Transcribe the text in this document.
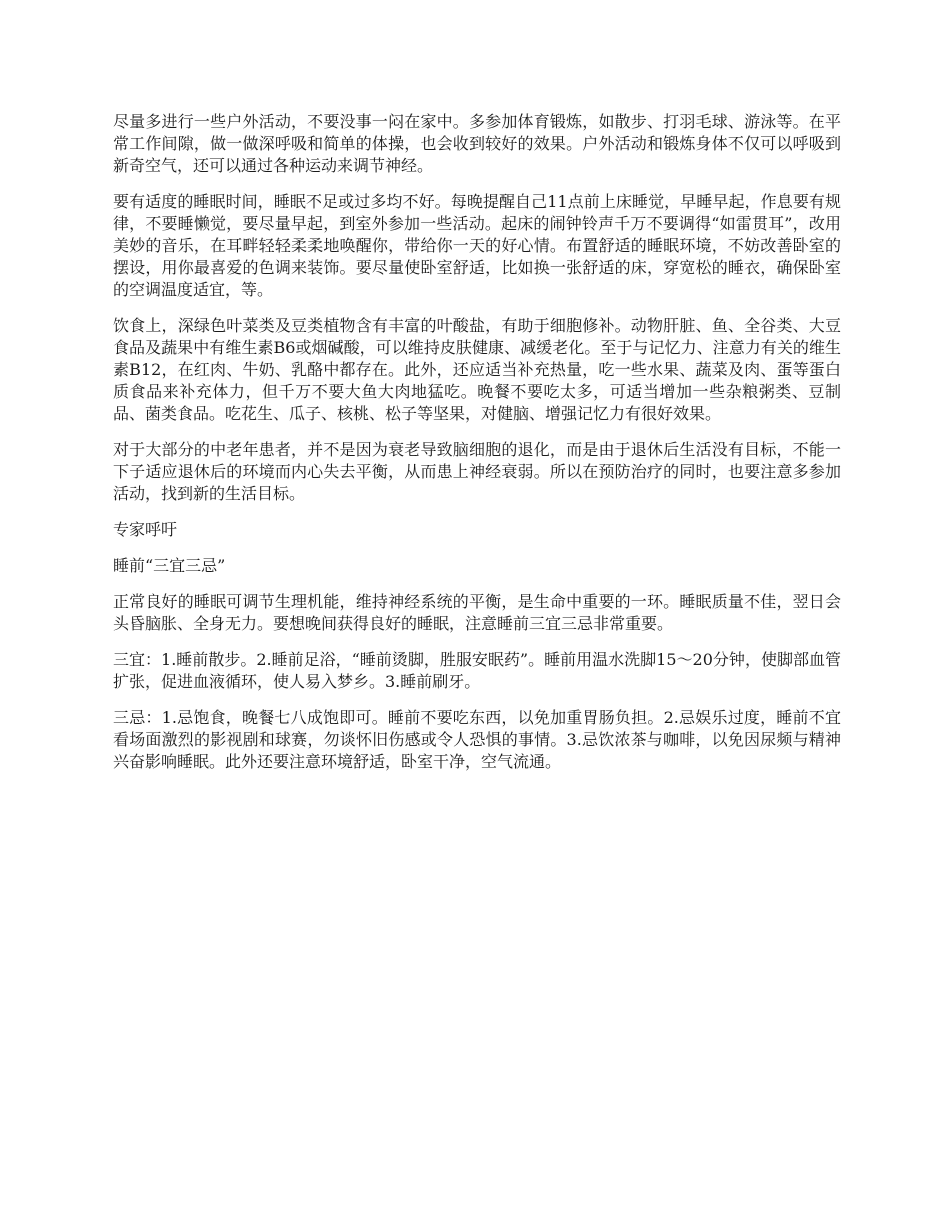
尽量多进行一些户外活动，不要没事一闷在家中。多参加体育锻炼，如散步、打羽毛球、游泳等。在平常工作间隙，做一做深呼吸和简单的体操，也会收到较好的效果。户外活动和锻炼身体不仅可以呼吸到新奇空气，还可以通过各种运动来调节神经。

要有适度的睡眠时间，睡眠不足或过多均不好。每晚提醒自己11点前上床睡觉，早睡早起，作息要有规律，不要睡懒觉，要尽量早起，到室外参加一些活动。起床的闹钟铃声千万不要调得“如雷贯耳”，改用美妙的音乐，在耳畔轻轻柔柔地唤醒你，带给你一天的好心情。布置舒适的睡眠环境，不妨改善卧室的摆设，用你最喜爱的色调来装饰。要尽量使卧室舒适，比如换一张舒适的床，穿宽松的睡衣，确保卧室的空调温度适宜，等。

饮食上，深绿色叶菜类及豆类植物含有丰富的叶酸盐，有助于细胞修补。动物肝脏、鱼、全谷类、大豆食品及蔬果中有维生素B6或烟碱酸，可以维持皮肤健康、减缓老化。至于与记忆力、注意力有关的维生素B12，在红肉、牛奶、乳酪中都存在。此外，还应适当补充热量，吃一些水果、蔬菜及肉、蛋等蛋白质食品来补充体力，但千万不要大鱼大肉地猛吃。晚餐不要吃太多，可适当增加一些杂粮粥类、豆制品、菌类食品。吃花生、瓜子、核桃、松子等坚果，对健脑、增强记忆力有很好效果。

对于大部分的中老年患者，并不是因为衰老导致脑细胞的退化，而是由于退休后生活没有目标，不能一下子适应退休后的环境而内心失去平衡，从而患上神经衰弱。所以在预防治疗的同时，也要注意多参加活动，找到新的生活目标。

专家呼吁

睡前“三宜三忌”

正常良好的睡眠可调节生理机能，维持神经系统的平衡，是生命中重要的一环。睡眠质量不佳，翌日会头昏脑胀、全身无力。要想晚间获得良好的睡眠，注意睡前三宜三忌非常重要。

三宜：1.睡前散步。2.睡前足浴，“睡前烫脚，胜服安眠药”。睡前用温水洗脚15～20分钟，使脚部血管扩张，促进血液循环，使人易入梦乡。3.睡前刷牙。

三忌：1.忌饱食，晚餐七八成饱即可。睡前不要吃东西，以免加重胃肠负担。2.忌娱乐过度，睡前不宜看场面激烈的影视剧和球赛，勿谈怀旧伤感或令人恐惧的事情。3.忌饮浓茶与咖啡，以免因尿频与精神兴奋影响睡眠。此外还要注意环境舒适，卧室干净，空气流通。
